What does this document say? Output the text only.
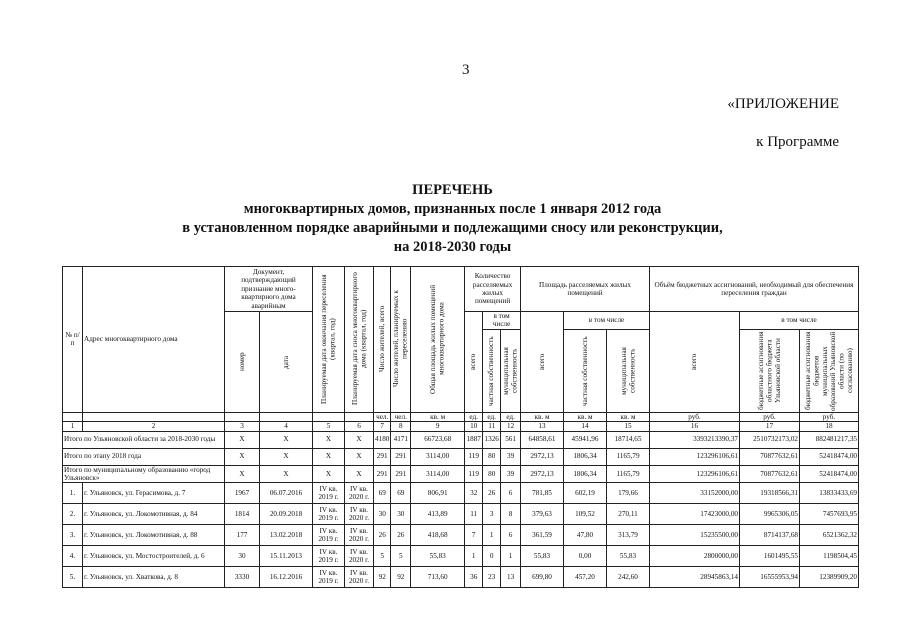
3
«ПРИЛОЖЕНИЕ
к Программе
ПЕРЕЧЕНЬ
многоквартирных домов, признанных после 1 января 2012 года
в установленном порядке аварийными и подлежащими сносу или реконструкции,
на 2018-2030 годы
№ п/п	Адрес многоквартирного дома	Документ, подтверждающий признание много-квартирного дома аварийным		Планируемая дата окончания переселения (квартал, год)	Планируемая дата сноса многоквартирного дома (квартал, год)	Число жителей, всего	Число жителей, планируемых к переселению	Общая площадь жилых помещений многоквартирного дома	Количество расселяемых жилых помещений			Площадь расселяемых жилых помещений			Объём бюджетных ассигнований, необходимый для обеспечения переселения граждан		

		номер	дата						всего	в том числе		всего	в том числе		всего	в том числе	

										частная собственность	муниципальная собственность		частная собственность	муниципальная собственность		бюджетные ассигнования областного бюджета Ульяновской области	бюджетные ассигнования бюджетов муниципальных образований Ульяновской области (по согласованию)

						чел.	чел.	кв. м	ед.	ед.	ед.	кв. м	кв. м	кв. м	руб.	руб.	руб.
1	2	3	4	5	6	7	8	9	10	11	12	13	14	15	16	17	18
Итого по Ульяновской области за 2018-2030 годы		X	X	X	X	4180	4171	66723,68	1887	1326	561	64858,61	45941,96	18714,65	3393213390,37	2510732173,02	882481217,35
Итого по этапу 2018 года		X	X	X	X	291	291	3114,00	119	80	39	2972,13	1806,34	1165,79	123296106,61	70877632,61	52418474,00
Итого по муниципальному образованию «город Ульяновск»		X	X	X	X	291	291	3114,00	119	80	39	2972,13	1806,34	1165,79	123296106,61	70877632,61	52418474,00
1.	г. Ульяновск, ул. Герасимова, д. 7	1967	06.07.2016	IV кв. 2019 г.	IV кв. 2020 г.	69	69	806,91	32	26	6	781,85	602,19	179,66	33152000,00	19318566,31	13833433,69
2.	г. Ульяновск, ул. Локомотивная, д. 84	1814	20.09.2018	IV кв. 2019 г.	IV кв. 2020 г.	30	30	413,89	11	3	8	379,63	109,52	270,11	17423000,00	9965306,05	7457693,95
3.	г. Ульяновск, ул. Локомотивная, д. 88	177	13.02.2018	IV кв. 2019 г.	IV кв. 2020 г.	26	26	418,68	7	1	6	361,59	47,80	313,79	15235500,00	8714137,68	6521362,32
4.	г. Ульяновск, ул. Мостостроителей, д. 6	30	15.11.2013	IV кв. 2019 г.	IV кв. 2020 г.	5	5	55,83	1	0	1	55,83	0,00	55,83	2800000,00	1601495,55	1198504,45
5.	г. Ульяновск, ул. Хваткова, д. 8	3330	16.12.2016	IV кв. 2019 г.	IV кв. 2020 г.	92	92	713,60	36	23	13	699,80	457,20	242,60	28945863,14	16555953,94	12389909,20
